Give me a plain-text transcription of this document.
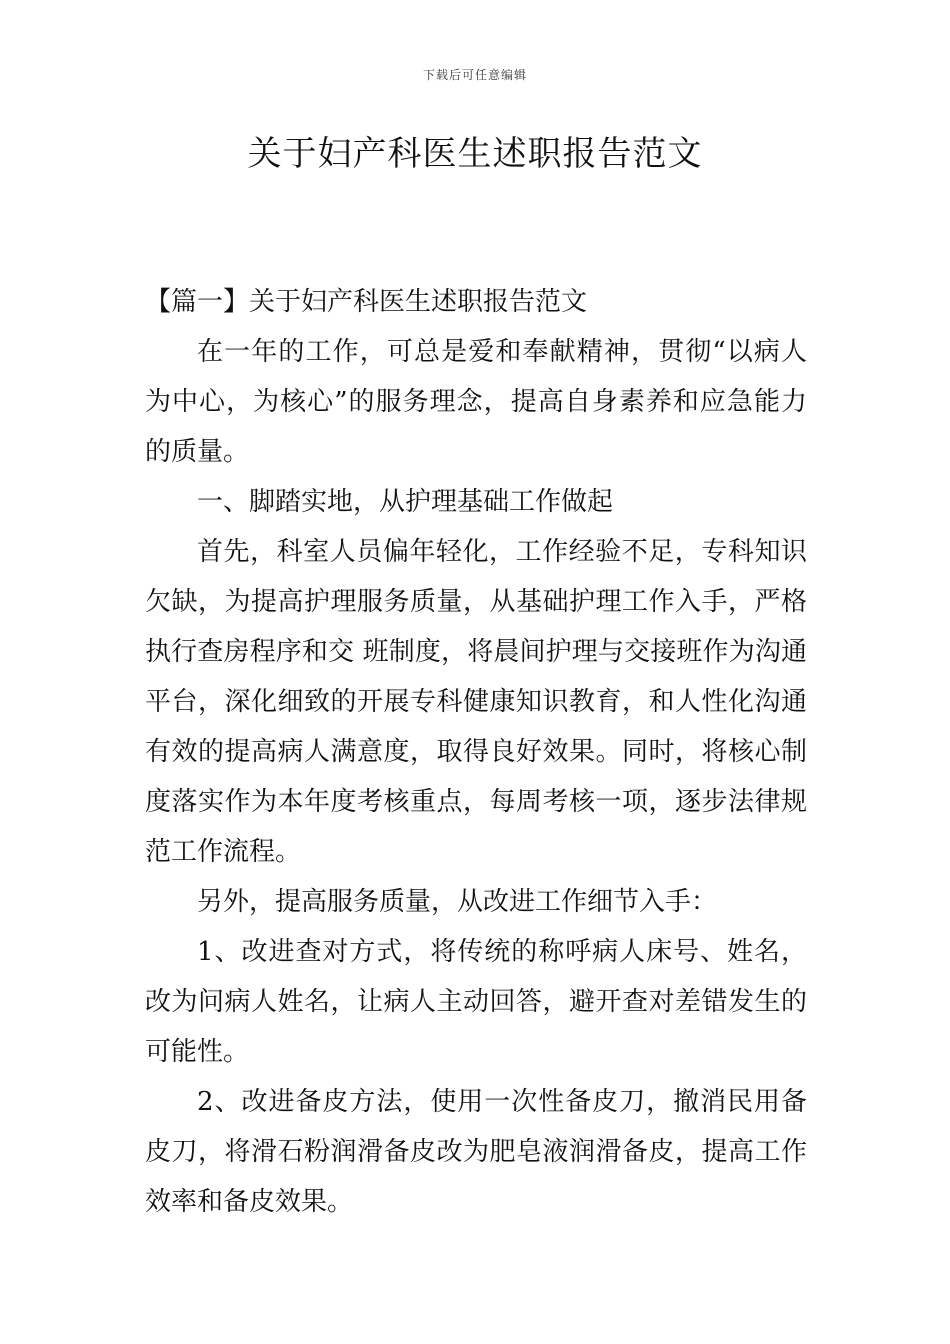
下载后可任意编辑
关于妇产科医生述职报告范文

【篇一】关于妇产科医生述职报告范文

在一年的工作，可总是爱和奉献精神，贯彻“以病人为中心，为核心”的服务理念，提高自身素养和应急能力的质量。

一、脚踏实地，从护理基础工作做起

首先，科室人员偏年轻化，工作经验不足，专科知识欠缺，为提高护理服务质量，从基础护理工作入手，严格执行查房程序和交 班制度，将晨间护理与交接班作为沟通平台，深化细致的开展专科健康知识教育，和人性化沟通有效的提高病人满意度，取得良好效果。同时，将核心制度落实作为本年度考核重点，每周考核一项，逐步法律规范工作流程。

另外，提高服务质量，从改进工作细节入手：

1、改进查对方式，将传统的称呼病人床号、姓名，改为问病人姓名，让病人主动回答，避开查对差错发生的可能性。

2、改进备皮方法，使用一次性备皮刀，撤消民用备皮刀，将滑石粉润滑备皮改为肥皂液润滑备皮，提高工作效率和备皮效果。
